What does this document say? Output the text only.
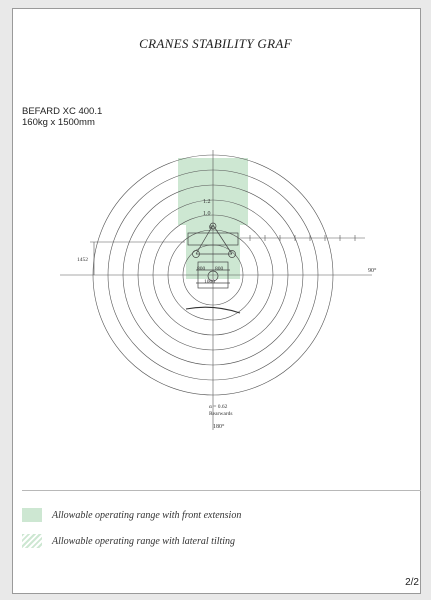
CRANES STABILITY GRAF
BEFARD XC 400.1
160kg x 1500mm
1.2
1.0
0.
1452
800 800
1000
90°
α = 0.62
Rearwards
180°
Allowable operating range with front extension
Allowable operating range with lateral tilting
2/2
